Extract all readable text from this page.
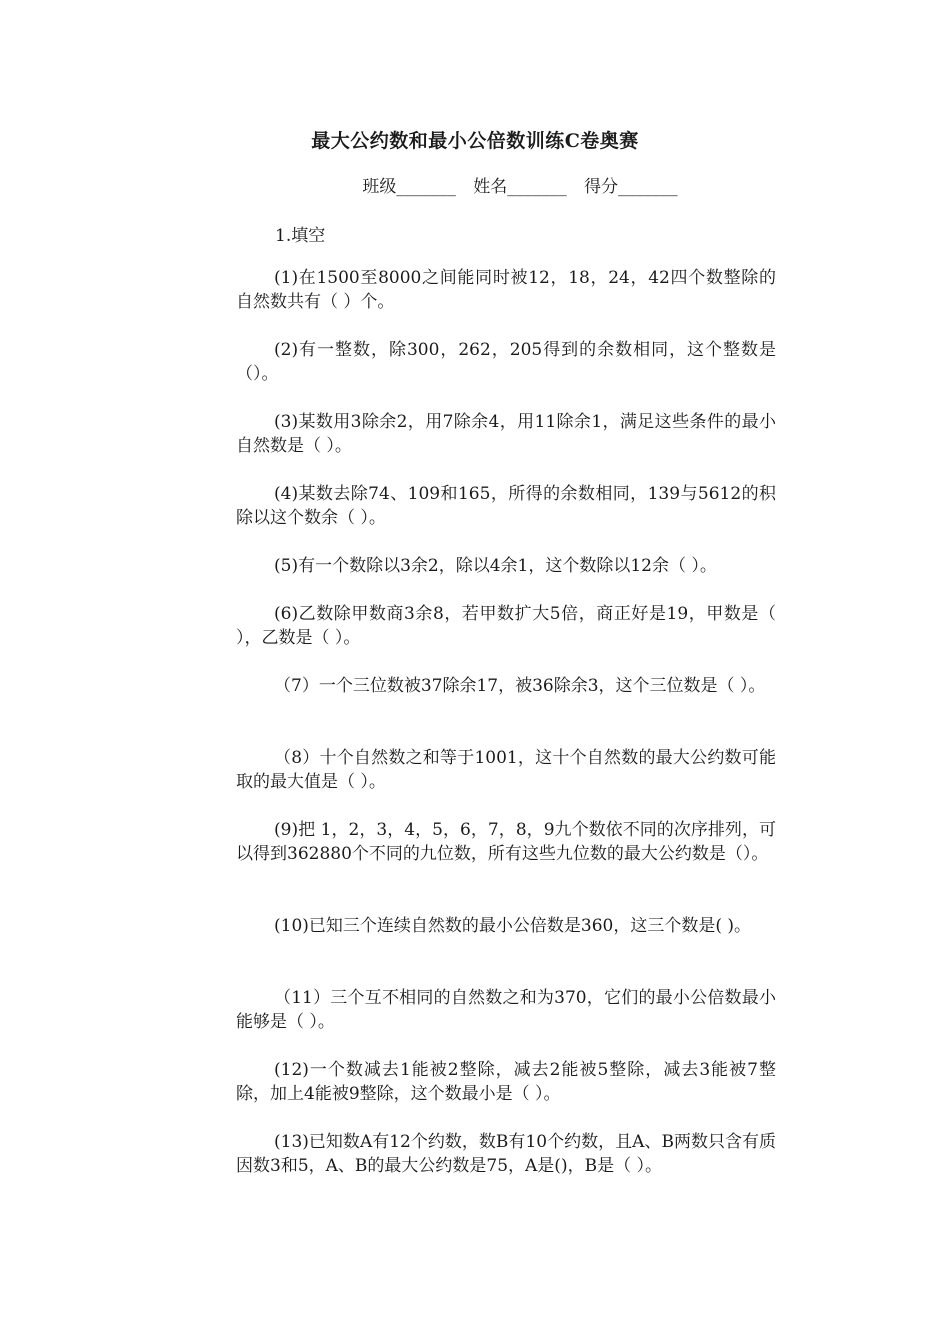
最大公约数和最小公倍数训练C卷奥赛
班级_______ 姓名_______ 得分_______
1.填空
(1)在1500至8000之间能同时被12，18，24，42四个数整除的自然数共有（ ）个。
(2)有一整数，除300，262，205得到的余数相同，这个整数是（）。
(3)某数用3除余2，用7除余4，用11除余1，满足这些条件的最小自然数是（ ）。
(4)某数去除74、109和165，所得的余数相同，139与5612的积除以这个数余（ ）。
(5)有一个数除以3余2，除以4余1，这个数除以12余（ ）。
(6)乙数除甲数商3余8，若甲数扩大5倍，商正好是19，甲数是（ ），乙数是（ ）。
（7）一个三位数被37除余17，被36除余3，这个三位数是（ ）。
（8）十个自然数之和等于1001，这十个自然数的最大公约数可能取的最大值是（ ）。
(9)把 1，2，3，4，5，6，7，8，9九个数依不同的次序排列，可以得到362880个不同的九位数，所有这些九位数的最大公约数是（）。
(10)已知三个连续自然数的最小公倍数是360，这三个数是( )。
（11）三个互不相同的自然数之和为370，它们的最小公倍数最小能够是（ ）。
(12)一个数减去1能被2整除，减去2能被5整除，减去3能被7整除，加上4能被9整除，这个数最小是（ ）。
(13)已知数A有12个约数，数B有10个约数，且A、B两数只含有质因数3和5，A、B的最大公约数是75，A是()，B是（ ）。
